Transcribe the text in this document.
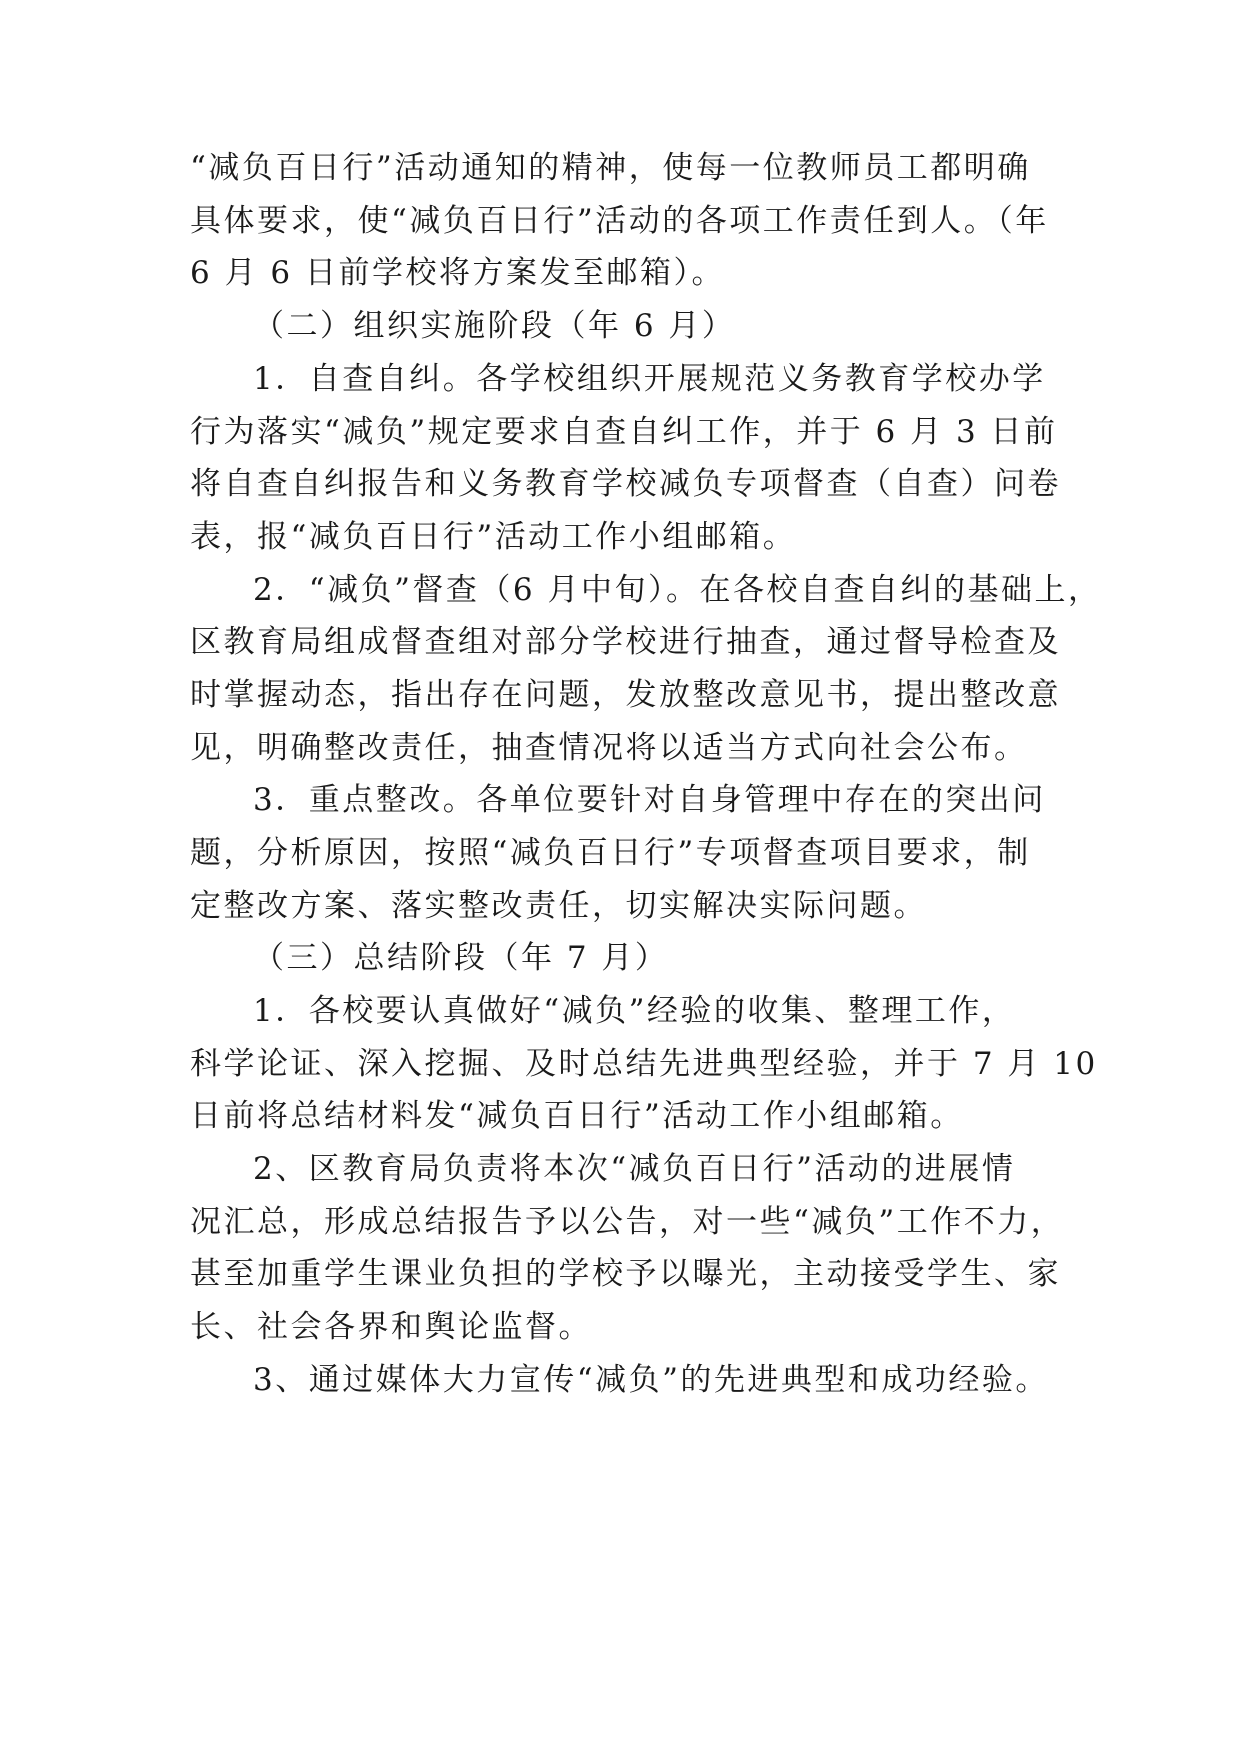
“减负百日行”活动通知的精神，使每一位教师员工都明确
具体要求，使“减负百日行”活动的各项工作责任到人。（年
6 月 6 日前学校将方案发至邮箱）。
（二）组织实施阶段（年 6 月）
1．自查自纠。各学校组织开展规范义务教育学校办学
行为落实“减负”规定要求自查自纠工作，并于 6 月 3 日前
将自查自纠报告和义务教育学校减负专项督查（自查）问卷
表，报“减负百日行”活动工作小组邮箱。
2．“减负”督查（6 月中旬）。在各校自查自纠的基础上，
区教育局组成督查组对部分学校进行抽查，通过督导检查及
时掌握动态，指出存在问题，发放整改意见书，提出整改意
见，明确整改责任，抽查情况将以适当方式向社会公布。
3．重点整改。各单位要针对自身管理中存在的突出问
题，分析原因，按照“减负百日行”专项督查项目要求，制
定整改方案、落实整改责任，切实解决实际问题。
（三）总结阶段（年 7 月）
1．各校要认真做好“减负”经验的收集、整理工作，
科学论证、深入挖掘、及时总结先进典型经验，并于 7 月 10
日前将总结材料发“减负百日行”活动工作小组邮箱。
2、区教育局负责将本次“减负百日行”活动的进展情
况汇总，形成总结报告予以公告，对一些“减负”工作不力，
甚至加重学生课业负担的学校予以曝光，主动接受学生、家
长、社会各界和舆论监督。
3、通过媒体大力宣传“减负”的先进典型和成功经验。
